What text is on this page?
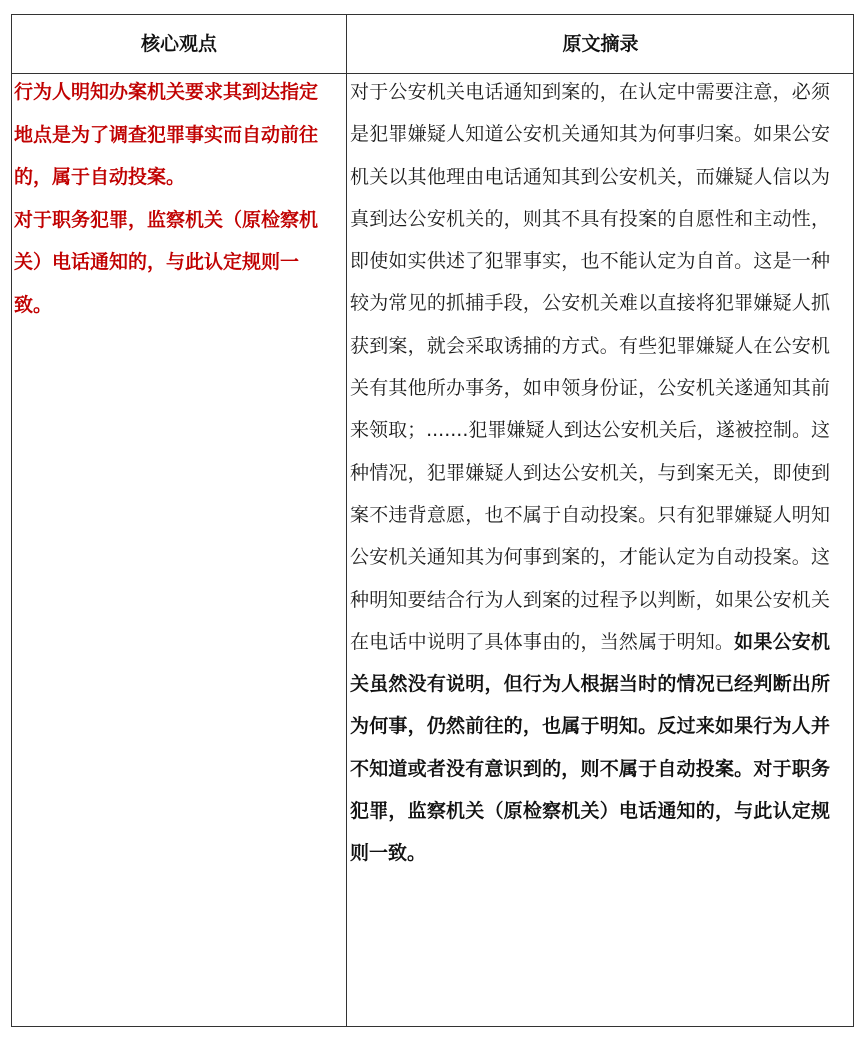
核心观点	原文摘录

行为人明知办案机关要求其到达指定地点是为了调查犯罪事实而自动前往的，属于自动投案。

对于职务犯罪，监察机关（原检察机关）电话通知的，与此认定规则一致。

对于公安机关电话通知到案的，在认定中需要注意，必须是犯罪嫌疑人知道公安机关通知其为何事归案。如果公安机关以其他理由电话通知其到公安机关，而嫌疑人信以为真到达公安机关的，则其不具有投案的自愿性和主动性，即使如实供述了犯罪事实，也不能认定为自首。这是一种较为常见的抓捕手段，公安机关难以直接将犯罪嫌疑人抓获到案，就会采取诱捕的方式。有些犯罪嫌疑人在公安机关有其他所办事务，如申领身份证，公安机关遂通知其前来领取；.......犯罪嫌疑人到达公安机关后，遂被控制。这种情况，犯罪嫌疑人到达公安机关，与到案无关，即使到案不违背意愿，也不属于自动投案。只有犯罪嫌疑人明知公安机关通知其为何事到案的，才能认定为自动投案。这种明知要结合行为人到案的过程予以判断，如果公安机关在电话中说明了具体事由的，当然属于明知。如果公安机关虽然没有说明，但行为人根据当时的情况已经判断出所为何事，仍然前往的，也属于明知。反过来如果行为人并不知道或者没有意识到的，则不属于自动投案。对于职务犯罪，监察机关（原检察机关）电话通知的，与此认定规则一致。
